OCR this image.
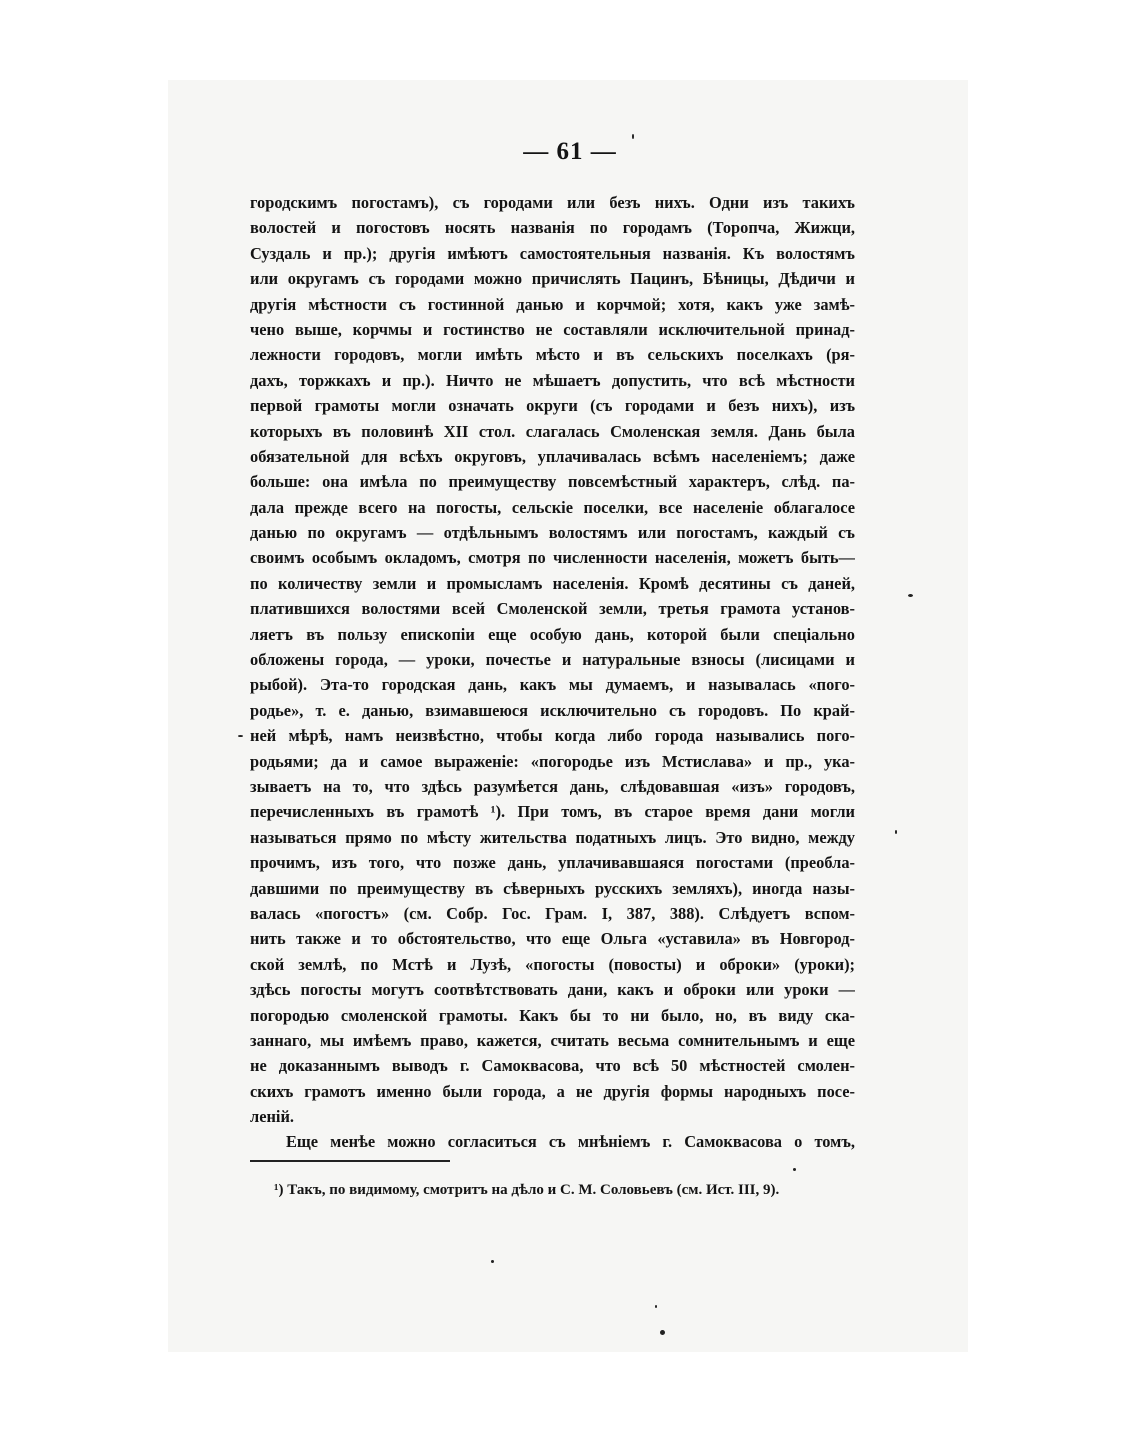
— 61 —
городскимъ погостамъ), съ городами или безъ нихъ. Одни изъ такихъ
волостей и погостовъ носять названія по городамъ (Торопча, Жижци,
Суздаль и пр.); другія имѣютъ самостоятельныя названія. Къ волостямъ
или округамъ съ городами можно причислять Пацинъ, Бѣницы, Дѣдичи и
другія мѣстности съ гостинной данью и корчмой; хотя, какъ уже замѣ-
чено выше, корчмы и гостинство не составляли исключительной принад-
лежности городовъ, могли имѣть мѣсто и въ сельскихъ поселкахъ (ря-
дахъ, торжкахъ и пр.). Ничто не мѣшаетъ допустить, что всѣ мѣстности
первой грамоты могли означать округи (съ городами и безъ нихъ), изъ
которыхъ въ половинѣ XII стол. слагалась Смоленская земля. Дань была
обязательной для всѣхъ округовъ, уплачивалась всѣмъ населеніемъ; даже
больше: она имѣла по преимуществу повсемѣстный характеръ, слѣд. па-
дала прежде всего на погосты, сельскіе поселки, все населеніе облагалосе
данью по округамъ — отдѣльнымъ волостямъ или погостамъ, каждый съ
своимъ особымъ окладомъ, смотря по численности населенія, можетъ быть—
по количеству земли и промысламъ населенія. Кромѣ десятины съ даней,
платившихся волостями всей Смоленской земли, третья грамота установ-
ляетъ въ пользу епископіи еще особую дань, которой были спеціально
обложены города, — уроки, почестье и натуральные взносы (лисицами и
рыбой). Эта-то городская дань, какъ мы думаемъ, и называлась «пого-
родье», т. е. данью, взимавшеюся исключительно съ городовъ. По край-
ней мѣрѣ, намъ неизвѣстно, чтобы когда либо города назывались пого-
родьями; да и самое выраженіе: «погородье изъ Мстислава» и пр., ука-
зываетъ на то, что здѣсь разумѣется дань, слѣдовавшая «изъ» городовъ,
перечисленныхъ въ грамотѣ ¹). При томъ, въ старое время дани могли
называться прямо по мѣсту жительства податныхъ лицъ. Это видно, между
прочимъ, изъ того, что позже дань, уплачивавшаяся погостами (преобла-
давшими по преимуществу въ сѣверныхъ русскихъ земляхъ), иногда назы-
валась «погостъ» (см. Собр. Гос. Грам. I, 387, 388). Слѣдуетъ вспом-
нить также и то обстоятельство, что еще Ольга «уставила» въ Новгород-
ской землѣ, по Мстѣ и Лузѣ, «погосты (повосты) и оброки» (уроки);
здѣсь погосты могутъ соотвѣтствовать дани, какъ и оброки или уроки —
погородью смоленской грамоты. Какъ бы то ни было, но, въ виду ска-
заннаго, мы имѣемъ право, кажется, считать весьма сомнительнымъ и еще
не доказаннымъ выводъ г. Самоквасова, что всѣ 50 мѣстностей смолен-
скихъ грамотъ именно были города, а не другія формы народныхъ посе-
леній.
Еще менѣе можно согласиться съ мнѣніемъ г. Самоквасова о томъ,

¹) Такъ, по видимому, смотритъ на дѣло и С. М. Соловьевъ (см. Ист. III, 9).
